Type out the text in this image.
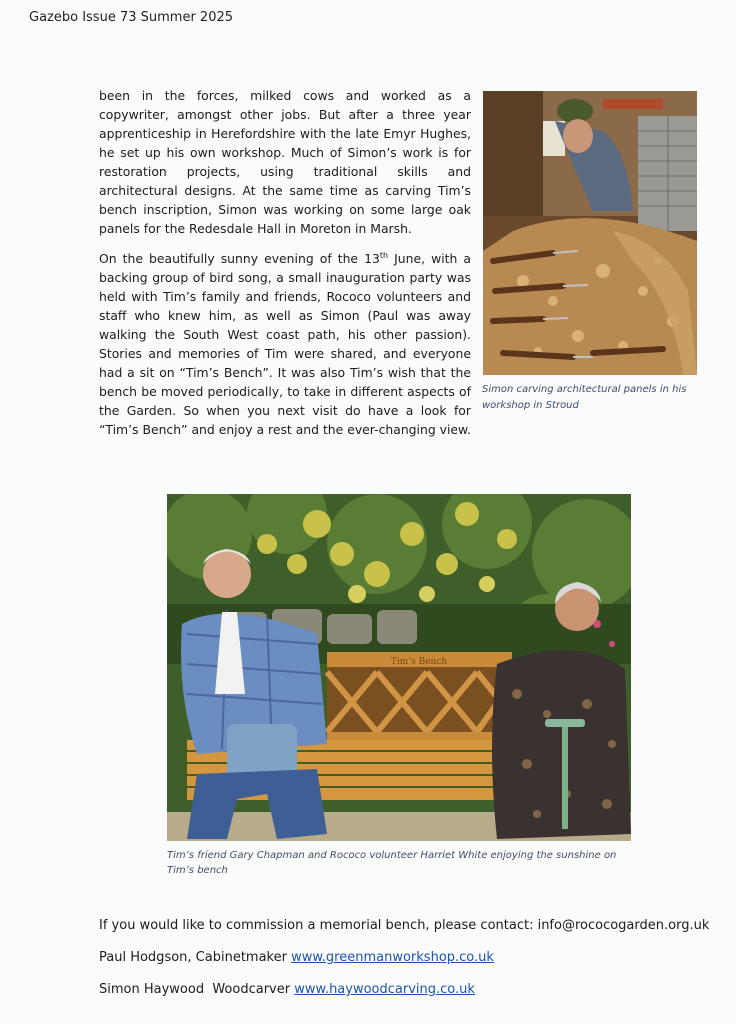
Gazebo Issue 73 Summer 2025

been in the forces, milked cows and worked as a copywriter, amongst other jobs. But after a three year apprenticeship in Herefordshire with the late Emyr Hughes, he set up his own workshop. Much of Simon’s work is for restoration projects, using traditional skills and architectural designs. At the same time as carving Tim’s bench inscription, Simon was working on some large oak panels for the Redesdale Hall in Moreton in Marsh.

On the beautifully sunny evening of the 13th June, with a backing group of bird song, a small inauguration party was held with Tim’s family and friends, Rococo volunteers and staff who knew him, as well as Simon (Paul was away walking the South West coast path, his other passion). Stories and memories of Tim were shared, and everyone had a sit on “Tim’s Bench”. It was also Tim’s wish that the bench be moved periodically, to take in different aspects of the Garden. So when you next visit do have a look for “Tim’s Bench” and enjoy a rest and the ever-changing view.

Simon carving architectural panels in his workshop in Stroud
Tim’s Bench
Tim’s friend Gary Chapman and Rococo volunteer Harriet White enjoying the sunshine on Tim’s bench
If you would like to commission a memorial bench, please contact: info@rococogarden.org.uk
Paul Hodgson, Cabinetmaker www.greenmanworkshop.co.uk
Simon Haywood  Woodcarver www.haywoodcarving.co.uk
